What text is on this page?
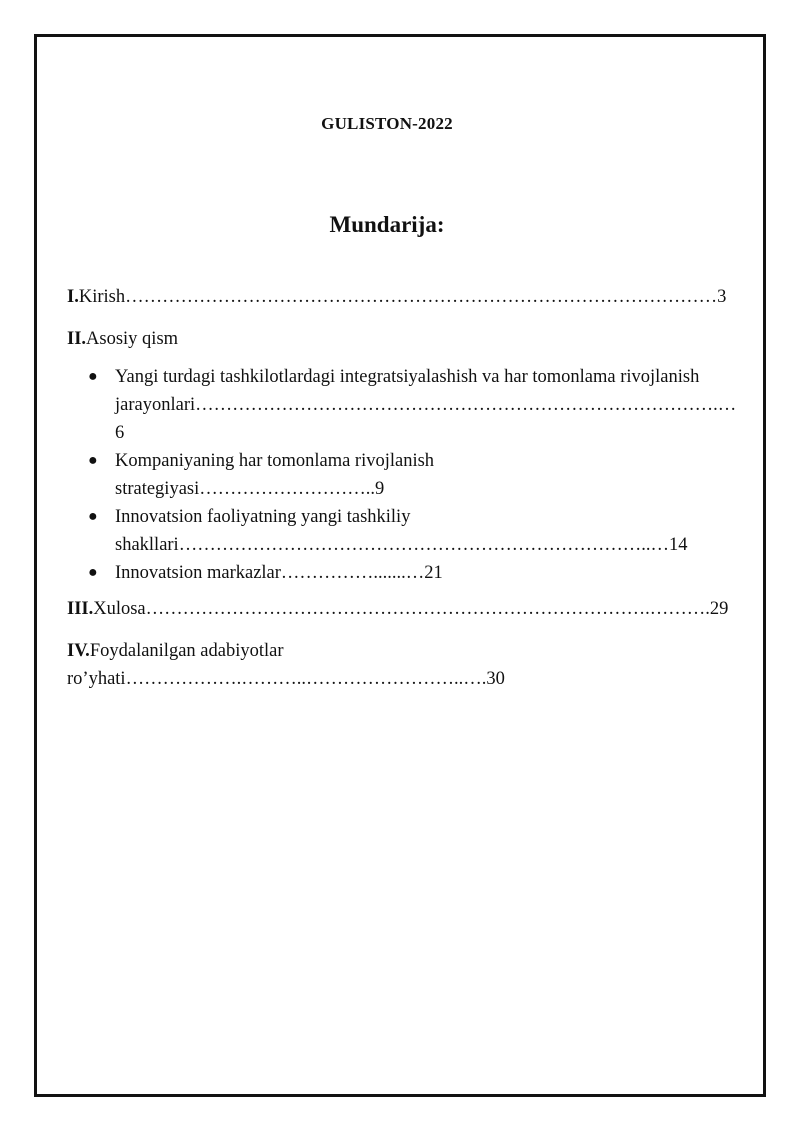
GULISTON-2022
Mundarija:
I.Kirish……………………………………………………………………………………3
II.Asosiy qism
● Yangi turdagi tashkilotlardagi integratsiyalashish va har tomonlama rivojlanish
jarayonlari………………………………………………………………………….…6
● Kompaniyaning har tomonlama rivojlanish
strategiyasi………………………..9
● Innovatsion faoliyatning yangi tashkiliy
shakllari…………………………………………………………………..…14
● Innovatsion markazlar…………….......…21
III.Xulosa……………………………………………………………………….……….29
IV.Foydalanilgan adabiyotlar
ro’yhati……………….………..……………………..….30
